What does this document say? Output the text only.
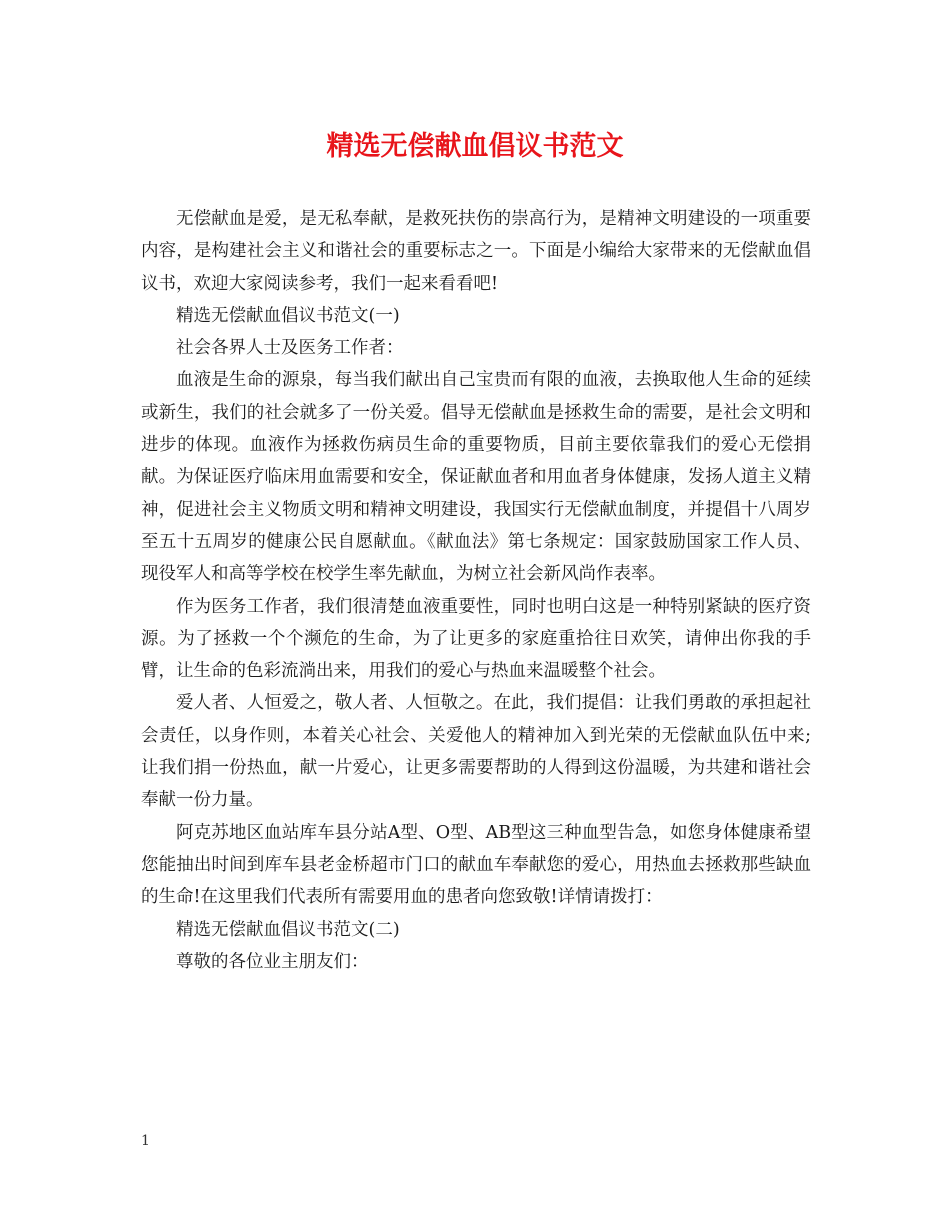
精选无偿献血倡议书范文

无偿献血是爱，是无私奉献，是救死扶伤的崇高行为，是精神文明建设的一项重要内容，是构建社会主义和谐社会的重要标志之一。下面是小编给大家带来的无偿献血倡议书，欢迎大家阅读参考，我们一起来看看吧!

精选无偿献血倡议书范文(一)

社会各界人士及医务工作者：

血液是生命的源泉，每当我们献出自己宝贵而有限的血液，去换取他人生命的延续或新生，我们的社会就多了一份关爱。倡导无偿献血是拯救生命的需要，是社会文明和进步的体现。血液作为拯救伤病员生命的重要物质，目前主要依靠我们的爱心无偿捐献。为保证医疗临床用血需要和安全，保证献血者和用血者身体健康，发扬人道主义精神，促进社会主义物质文明和精神文明建设，我国实行无偿献血制度，并提倡十八周岁至五十五周岁的健康公民自愿献血。《献血法》第七条规定：国家鼓励国家工作人员、现役军人和高等学校在校学生率先献血，为树立社会新风尚作表率。

作为医务工作者，我们很清楚血液重要性，同时也明白这是一种特别紧缺的医疗资源。为了拯救一个个濒危的生命，为了让更多的家庭重拾往日欢笑，请伸出你我的手臂，让生命的色彩流淌出来，用我们的爱心与热血来温暖整个社会。

爱人者、人恒爱之，敬人者、人恒敬之。在此，我们提倡：让我们勇敢的承担起社会责任，以身作则，本着关心社会、关爱他人的精神加入到光荣的无偿献血队伍中来;让我们捐一份热血，献一片爱心，让更多需要帮助的人得到这份温暖，为共建和谐社会奉献一份力量。

阿克苏地区血站库车县分站A型、O型、AB型这三种血型告急，如您身体健康希望您能抽出时间到库车县老金桥超市门口的献血车奉献您的爱心，用热血去拯救那些缺血的生命!在这里我们代表所有需要用血的患者向您致敬!详情请拨打：

精选无偿献血倡议书范文(二)

尊敬的各位业主朋友们：

1
